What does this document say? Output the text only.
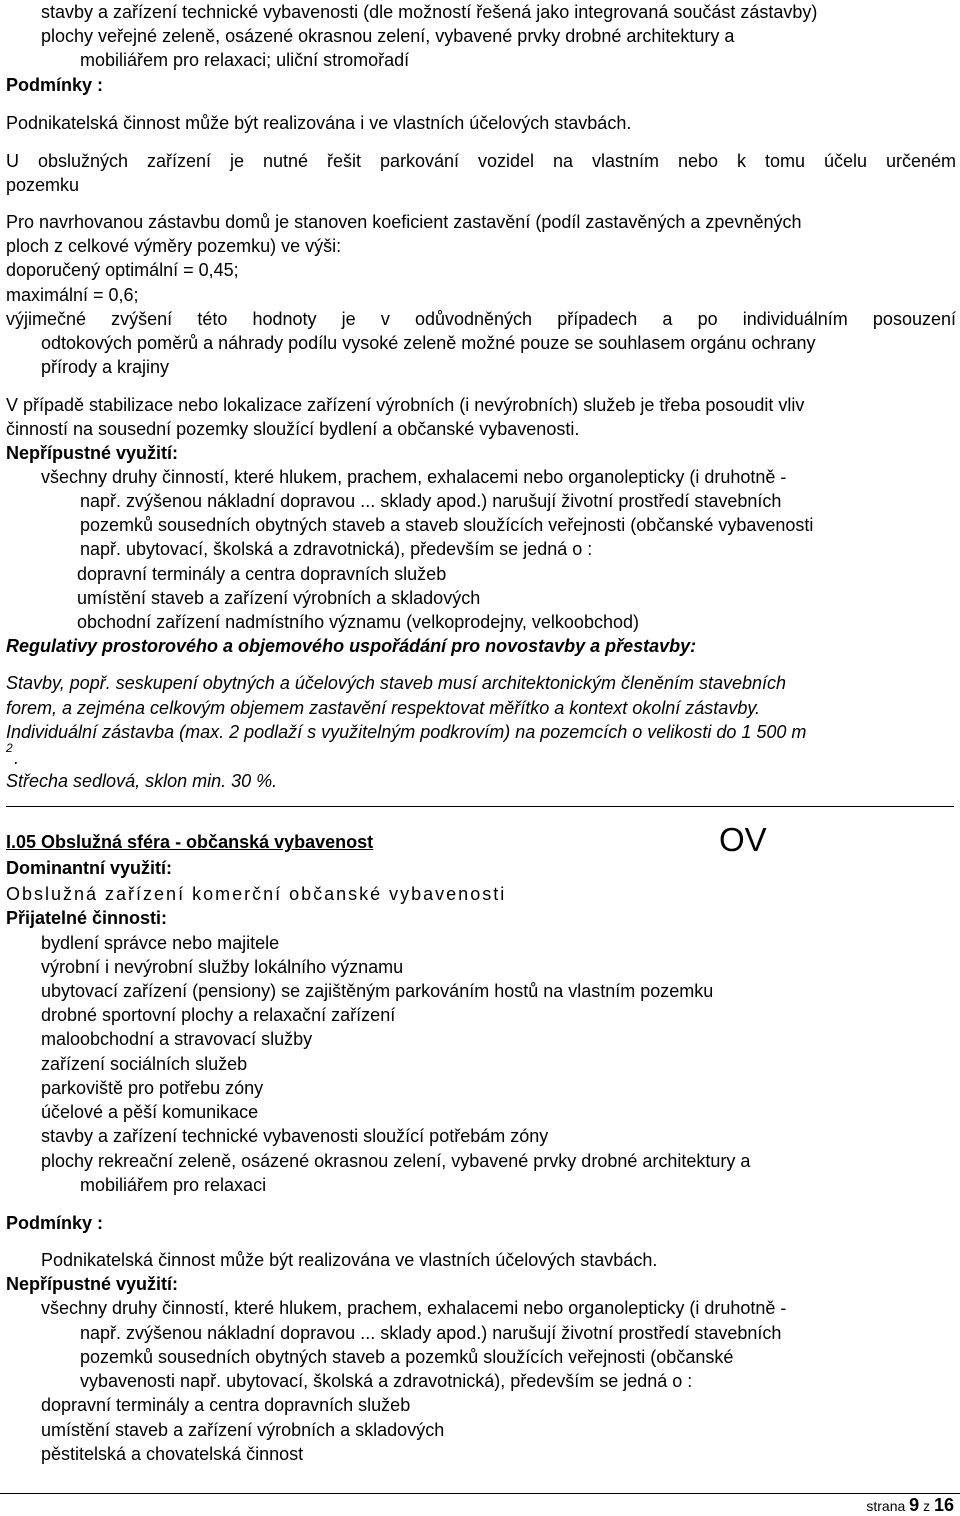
stavby a zařízení technické vybavenosti (dle možností řešená jako integrovaná součást zástavby)
plochy veřejné zeleně, osázené okrasnou zelení, vybavené prvky drobné architektury a
mobiliářem pro relaxaci; uliční stromořadí
Podmínky :
Podnikatelská činnost může být realizována i ve vlastních účelových stavbách.
U obslužných zařízení je nutné řešit parkování vozidel na vlastním nebo k tomu účelu určeném
pozemku
Pro navrhovanou zástavbu domů je stanoven koeficient zastavění (podíl zastavěných a zpevněných
ploch z celkové výměry pozemku) ve výši:
doporučený optimální = 0,45;
maximální = 0,6;
výjimečné zvýšení této hodnoty je v odůvodněných případech a po individuálním posouzení
odtokových poměrů a náhrady podílu vysoké zeleně možné pouze se souhlasem orgánu ochrany
přírody a krajiny
V případě stabilizace nebo lokalizace zařízení výrobních (i nevýrobních) služeb je třeba posoudit vliv
činností na sousední pozemky sloužící bydlení a občanské vybavenosti.
Nepřípustné využití:
všechny druhy činností, které hlukem, prachem, exhalacemi nebo organolepticky (i druhotně -
např. zvýšenou nákladní dopravou ... sklady apod.) narušují životní prostředí stavebních
pozemků sousedních obytných staveb a staveb sloužících veřejnosti (občanské vybavenosti
např. ubytovací, školská a zdravotnická), především se jedná o :
dopravní terminály a centra dopravních služeb
umístění staveb a zařízení výrobních a skladových
obchodní zařízení nadmístního významu (velkoprodejny, velkoobchod)
Regulativy prostorového a objemového uspořádání pro novostavby a přestavby:
Stavby, popř. seskupení obytných a účelových staveb musí architektonickým členěním stavebních
forem, a zejména celkovým objemem zastavění respektovat měřítko a kontext okolní zástavby.
Individuální zástavba (max. 2 podlaží s využitelným podkrovím) na pozemcích o velikosti do 1 500 m
2 .
Střecha sedlová, sklon min. 30 %.
I.05 Obslužná sféra - občanská vybavenost	OV
Dominantní využití:
Obslužná zařízení komerční občanské vybavenosti
Přijatelné činnosti:
bydlení správce nebo majitele
výrobní i nevýrobní služby lokálního významu
ubytovací zařízení (pensiony) se zajištěným parkováním hostů na vlastním pozemku
drobné sportovní plochy a relaxační zařízení
maloobchodní a stravovací služby
zařízení sociálních služeb
parkoviště pro potřebu zóny
účelové a pěší komunikace
stavby a zařízení technické vybavenosti sloužící potřebám zóny
plochy rekreační zeleně, osázené okrasnou zelení, vybavené prvky drobné architektury a
mobiliářem pro relaxaci
Podmínky :
Podnikatelská činnost může být realizována ve vlastních účelových stavbách.
Nepřípustné využití:
všechny druhy činností, které hlukem, prachem, exhalacemi nebo organolepticky (i druhotně -
např. zvýšenou nákladní dopravou ... sklady apod.) narušují životní prostředí stavebních
pozemků sousedních obytných staveb a pozemků sloužících veřejnosti (občanské
vybavenosti např. ubytovací, školská a zdravotnická), především se jedná o :
dopravní terminály a centra dopravních služeb
umístění staveb a zařízení výrobních a skladových
pěstitelská a chovatelská činnost
strana 9 z 16
